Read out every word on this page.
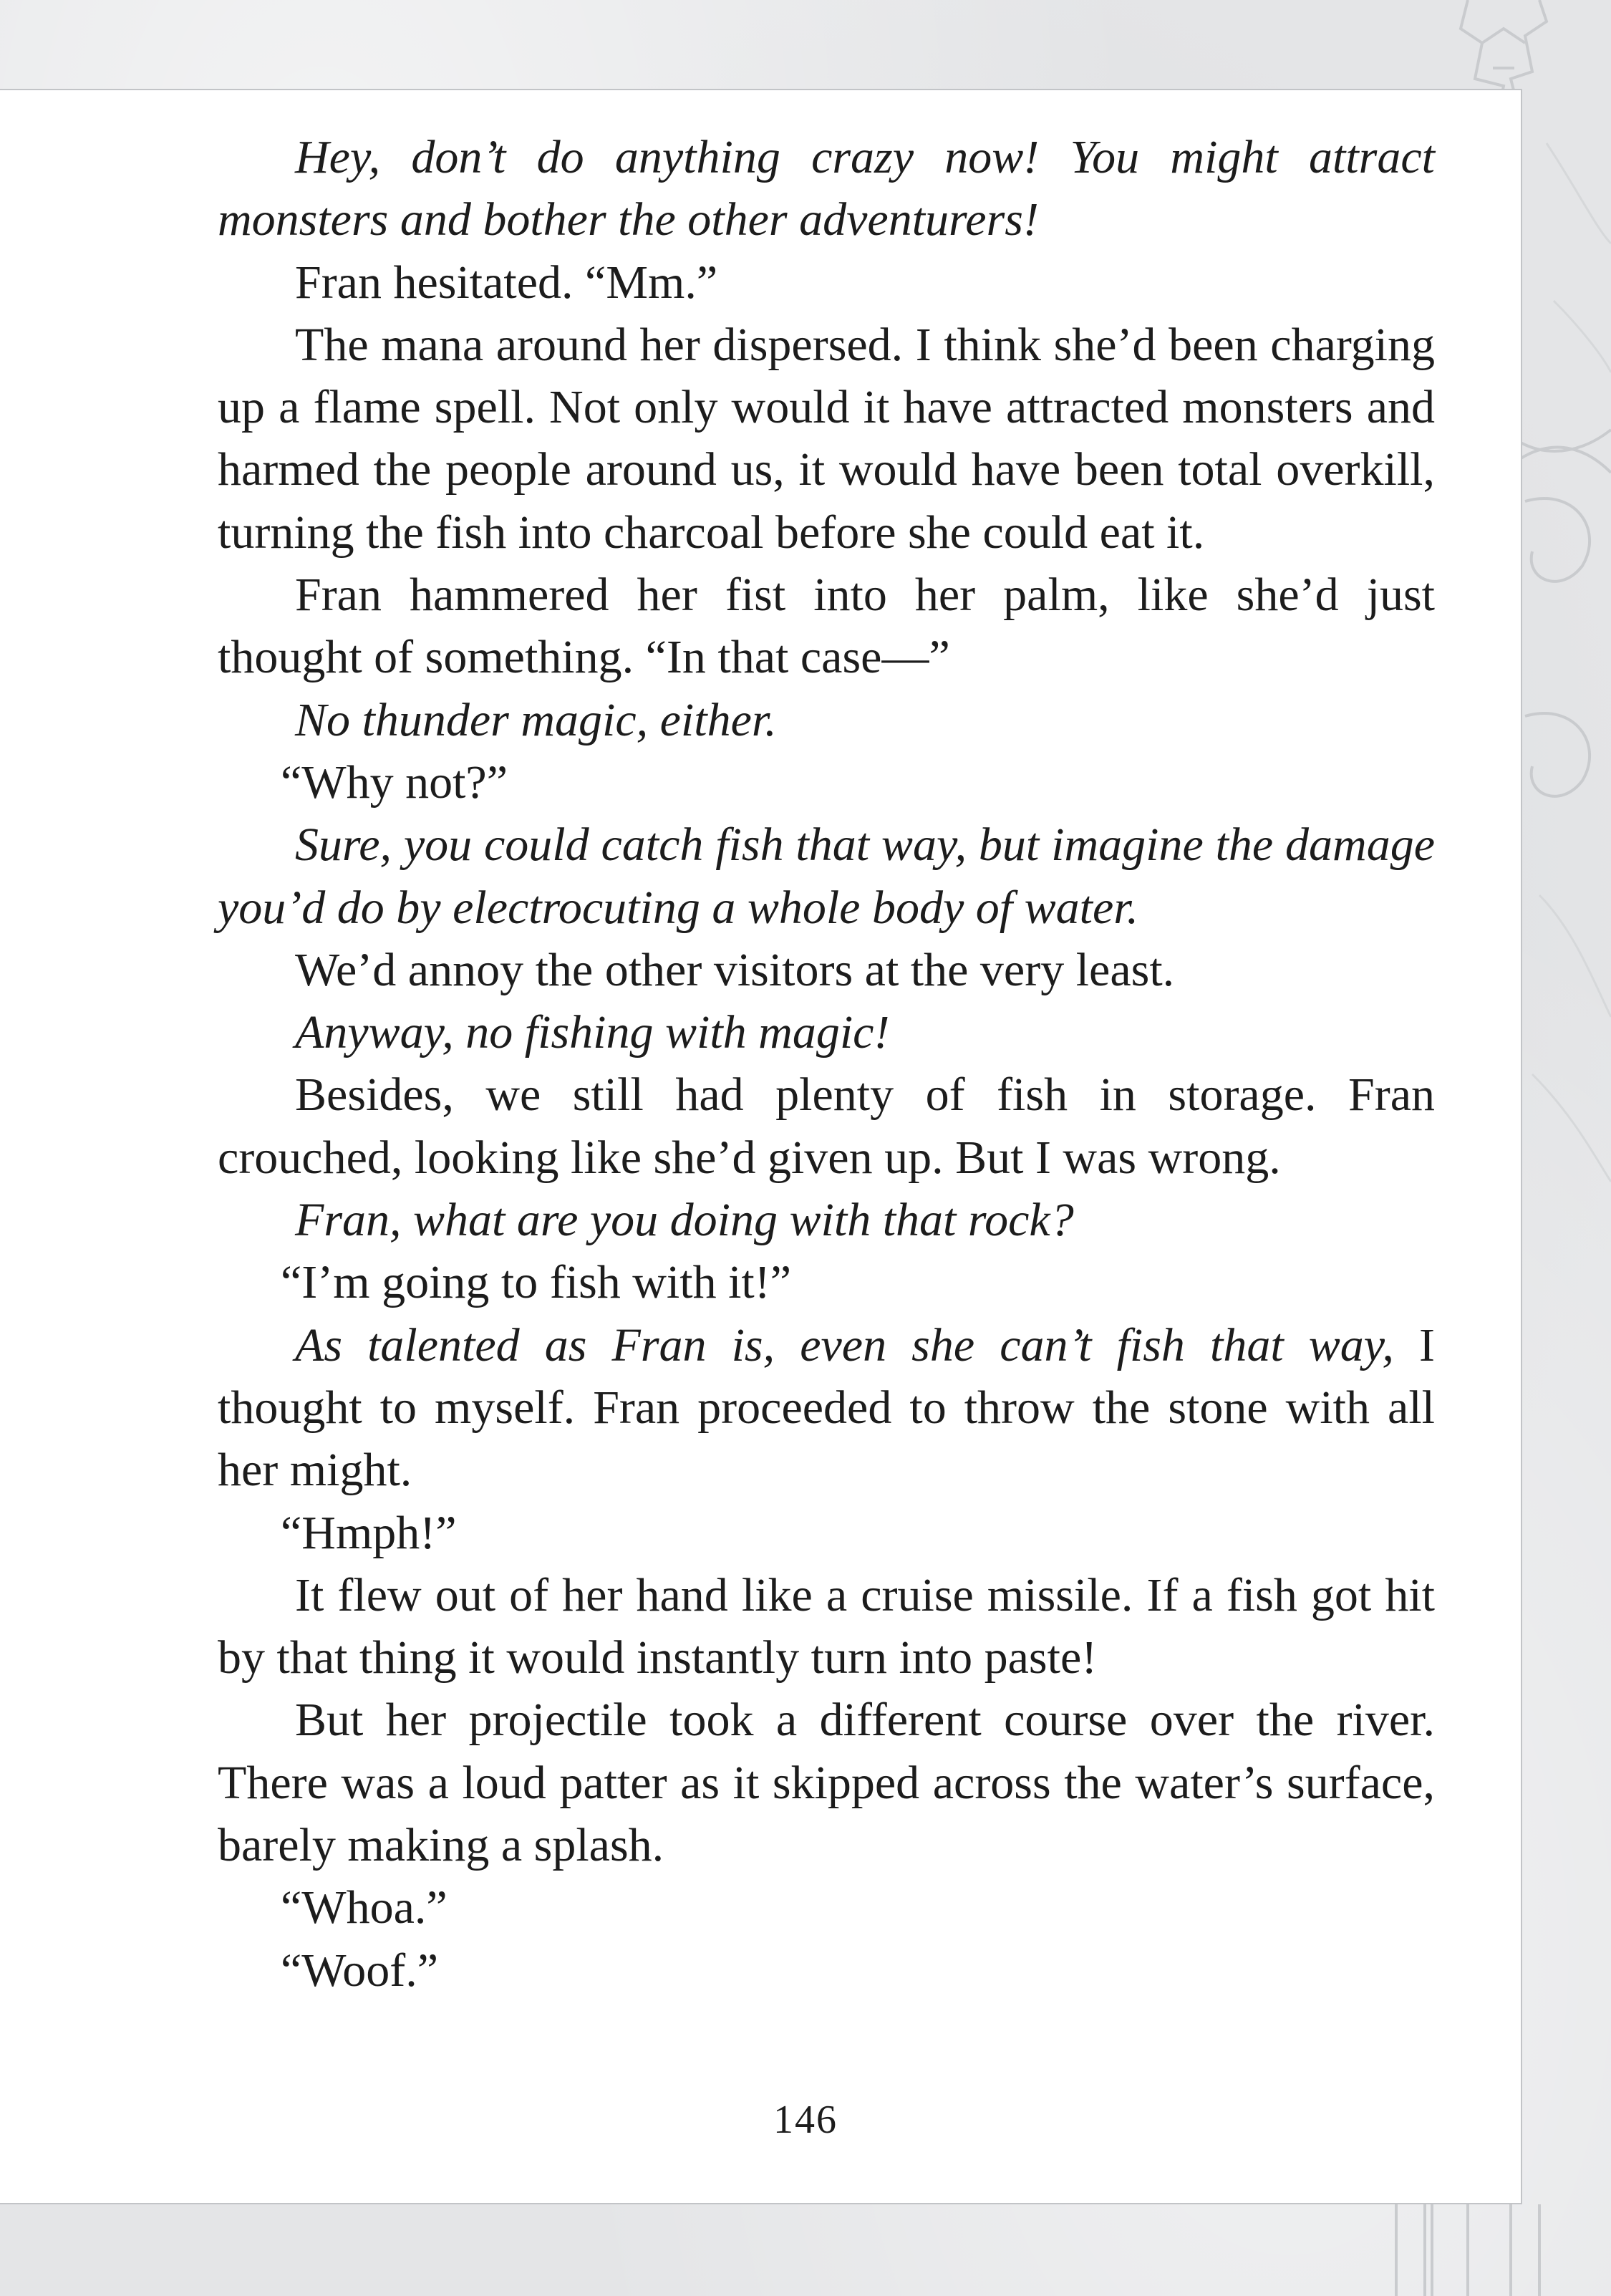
Hey, don’t do anything crazy now! You might attract monsters and bother the other adventurers!

Fran hesitated. “Mm.”

The mana around her dispersed. I think she’d been charging up a flame spell. Not only would it have attracted monsters and harmed the people around us, it would have been total overkill, turning the fish into charcoal before she could eat it.

Fran hammered her fist into her palm, like she’d just thought of something. “In that case—”

No thunder magic, either.

“Why not?”

Sure, you could catch fish that way, but imagine the damage you’d do by electrocuting a whole body of water.

We’d annoy the other visitors at the very least.

Anyway, no fishing with magic!

Besides, we still had plenty of fish in storage. Fran crouched, looking like she’d given up. But I was wrong.

Fran, what are you doing with that rock?

“I’m going to fish with it!”

As talented as Fran is, even she can’t fish that way, I thought to myself. Fran proceeded to throw the stone with all her might.

“Hmph!”

It flew out of her hand like a cruise missile. If a fish got hit by that thing it would instantly turn into paste!

But her projectile took a different course over the river. There was a loud patter as it skipped across the water’s surface, barely making a splash.

“Whoa.”

“Woof.”

146
